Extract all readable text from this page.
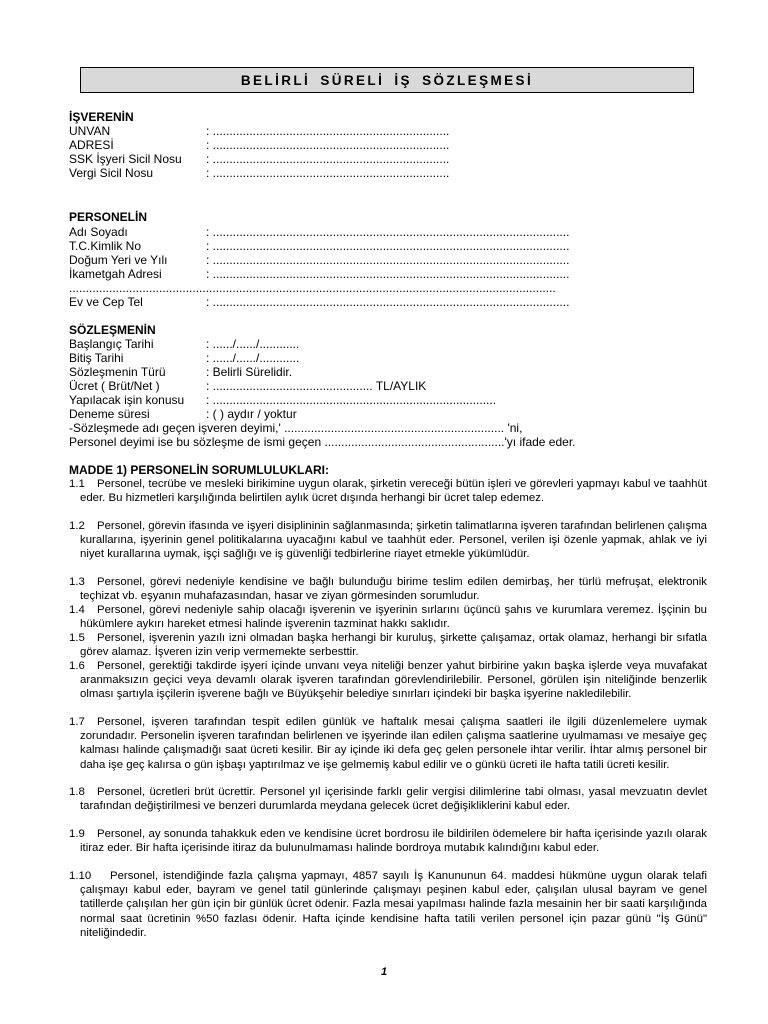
BELİRLİ SÜRELİ İŞ SÖZLEŞMESİ
İŞVERENİN
UNVAN	: .......................................................................
ADRESİ	: .......................................................................
SSK İşyeri Sicil Nosu : .......................................................................
Vergi Sicil Nosu	: .......................................................................
PERSONELİN
Adı Soyadı	: ...........................................................................................................
T.C.Kimlik No	: ...........................................................................................................
Doğum Yeri ve Yılı	: ...........................................................................................................
İkametgah Adresi	: ...........................................................................................................
..................................................................................................................................................
Ev ve Cep Tel	: ...........................................................................................................
SÖZLEŞMENİN
Başlangıç Tarihi	: ....../....../............
Bitiş Tarihi	: ....../....../............
Sözleşmenin Türü	: Belirli Sürelidir.
Ücret ( Brüt/Net )	: ................................................ TL/AYLIK
Yapılacak işin konusu : .....................................................................................
Deneme süresi	: ( ) aydır / yoktur
-Sözleşmede adı geçen işveren deyimi,' .................................................................. 'ni,
Personel deyimi ise bu sözleşme de ismi geçen ......................................................'yı ifade eder.
MADDE 1) PERSONELİN SORUMLULUKLARI:
1.1	Personel, tecrübe ve mesleki birikimine uygun olarak, şirketin vereceği bütün işleri ve görevleri yapmayı kabul ve taahhüt eder. Bu hizmetleri karşılığında belirtilen aylık ücret dışında herhangi bir ücret talep edemez.
1.2	Personel, görevin ifasında ve işyeri disiplininin sağlanmasında; şirketin talimatlarına işveren tarafından belirlenen çalışma kurallarına, işyerinin genel politikalarına uyacağını kabul ve taahhüt eder. Personel, verilen işi özenle yapmak, ahlak ve iyi niyet kurallarına uymak, işçi sağlığı ve iş güvenliği tedbirlerine riayet etmekle yükümlüdür.
1.3	Personel, görevi nedeniyle kendisine ve bağlı bulunduğu birime teslim edilen demirbaş, her türlü mefruşat, elektronik teçhizat vb. eşyanın muhafazasından, hasar ve ziyan görmesinden sorumludur.
1.4	Personel, görevi nedeniyle sahip olacağı işverenin ve işyerinin sırlarını üçüncü şahıs ve kurumlara veremez. İşçinin bu hükümlere aykırı hareket etmesi halinde işverenin tazminat hakkı saklıdır.
1.5	Personel, işverenin yazılı izni olmadan başka herhangi bir kuruluş, şirkette çalışamaz, ortak olamaz, herhangi bir sıfatla görev alamaz. İşveren izin verip vermemekte serbesttir.
1.6	Personel, gerektiği takdirde işyeri içinde unvanı veya niteliği benzer yahut birbirine yakın başka işlerde veya muvafakat aranmaksızın geçici veya devamlı olarak işveren tarafından görevlendirilebilir. Personel, görülen işin niteliğinde benzerlik olması şartıyla işçilerin işverene bağlı ve Büyükşehir belediye sınırları içindeki bir başka işyerine nakledilebilir.
1.7	Personel, işveren tarafından tespit edilen günlük ve haftalık mesai çalışma saatleri ile ilgili düzenlemelere uymak zorundadır. Personelin işveren tarafından belirlenen ve işyerinde ilan edilen çalışma saatlerine uyulmaması ve mesaiye geç kalması halinde çalışmadığı saat ücreti kesilir. Bir ay içinde iki defa geç gelen personele ihtar verilir. İhtar almış personel bir daha işe geç kalırsa o gün işbaşı yaptırılmaz ve işe gelmemiş kabul edilir ve o günkü ücreti ile hafta tatili ücreti kesilir.
1.8	Personel, ücretleri brüt ücrettir. Personel yıl içerisinde farklı gelir vergisi dilimlerine tabi olması, yasal mevzuatın devlet tarafından değiştirilmesi ve benzeri durumlarda meydana gelecek ücret değişikliklerini kabul eder.
1.9	Personel, ay sonunda tahakkuk eden ve kendisine ücret bordrosu ile bildirilen ödemelere bir hafta içerisinde yazılı olarak itiraz eder. Bir hafta içerisinde itiraz da bulunulmaması halinde bordroya mutabık kalındığını kabul eder.
1.10	Personel, istendiğinde fazla çalışma yapmayı, 4857 sayılı İş Kanununun 64. maddesi hükmüne uygun olarak telafi çalışmayı kabul eder, bayram ve genel tatil günlerinde çalışmayı peşinen kabul eder, çalışılan ulusal bayram ve genel tatillerde çalışılan her gün için bir günlük ücret ödenir. Fazla mesai yapılması halinde fazla mesainin her bir saati karşılığında normal saat ücretinin %50 fazlası ödenir. Hafta içinde kendisine hafta tatili verilen personel için pazar günü "İş Günü" niteliğindedir.
1
